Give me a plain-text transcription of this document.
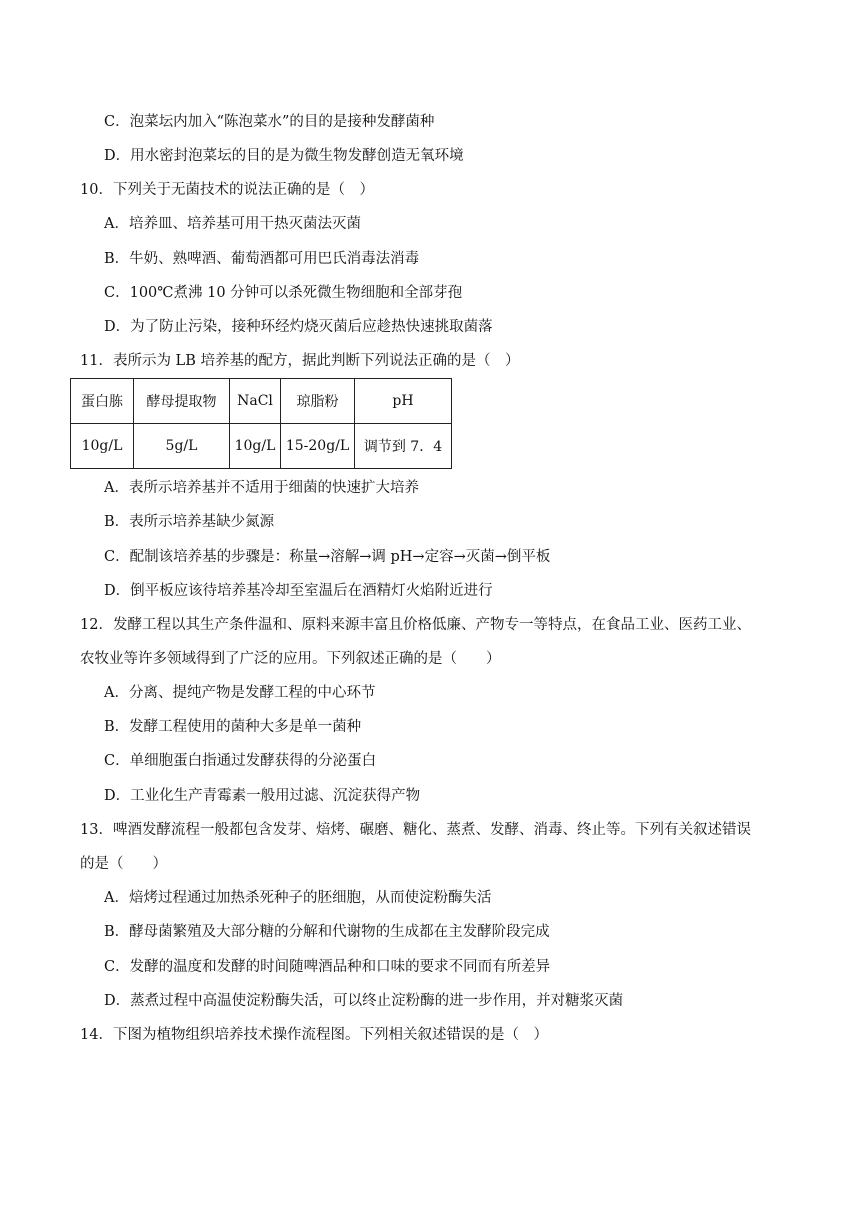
C．泡菜坛内加入“陈泡菜水”的目的是接种发酵菌种
D．用水密封泡菜坛的目的是为微生物发酵创造无氧环境
10．下列关于无菌技术的说法正确的是（　）
A．培养皿、培养基可用干热灭菌法灭菌
B．牛奶、熟啤酒、葡萄酒都可用巴氏消毒法消毒
C．100℃煮沸 10 分钟可以杀死微生物细胞和全部芽孢
D．为了防止污染，接种环经灼烧灭菌后应趁热快速挑取菌落
11．表所示为 LB 培养基的配方，据此判断下列说法正确的是（　）
蛋白胨	酵母提取物	NaCl	琼脂粉	pH
10g/L	5g/L	10g/L	15-20g/L	调节到 7．4
A．表所示培养基并不适用于细菌的快速扩大培养
B．表所示培养基缺少氮源
C．配制该培养基的步骤是：称量→溶解→调 pH→定容→灭菌→倒平板
D．倒平板应该待培养基冷却至室温后在酒精灯火焰附近进行
12．发酵工程以其生产条件温和、原料来源丰富且价格低廉、产物专一等特点，在食品工业、医药工业、
农牧业等许多领域得到了广泛的应用。下列叙述正确的是（　　）
A．分离、提纯产物是发酵工程的中心环节
B．发酵工程使用的菌种大多是单一菌种
C．单细胞蛋白指通过发酵获得的分泌蛋白
D．工业化生产青霉素一般用过滤、沉淀获得产物
13．啤酒发酵流程一般都包含发芽、焙烤、碾磨、糖化、蒸煮、发酵、消毒、终止等。下列有关叙述错误
的是（　　）
A．焙烤过程通过加热杀死种子的胚细胞，从而使淀粉酶失活
B．酵母菌繁殖及大部分糖的分解和代谢物的生成都在主发酵阶段完成
C．发酵的温度和发酵的时间随啤酒品种和口味的要求不同而有所差异
D．蒸煮过程中高温使淀粉酶失活，可以终止淀粉酶的进一步作用，并对糖浆灭菌
14．下图为植物组织培养技术操作流程图。下列相关叙述错误的是（　）
